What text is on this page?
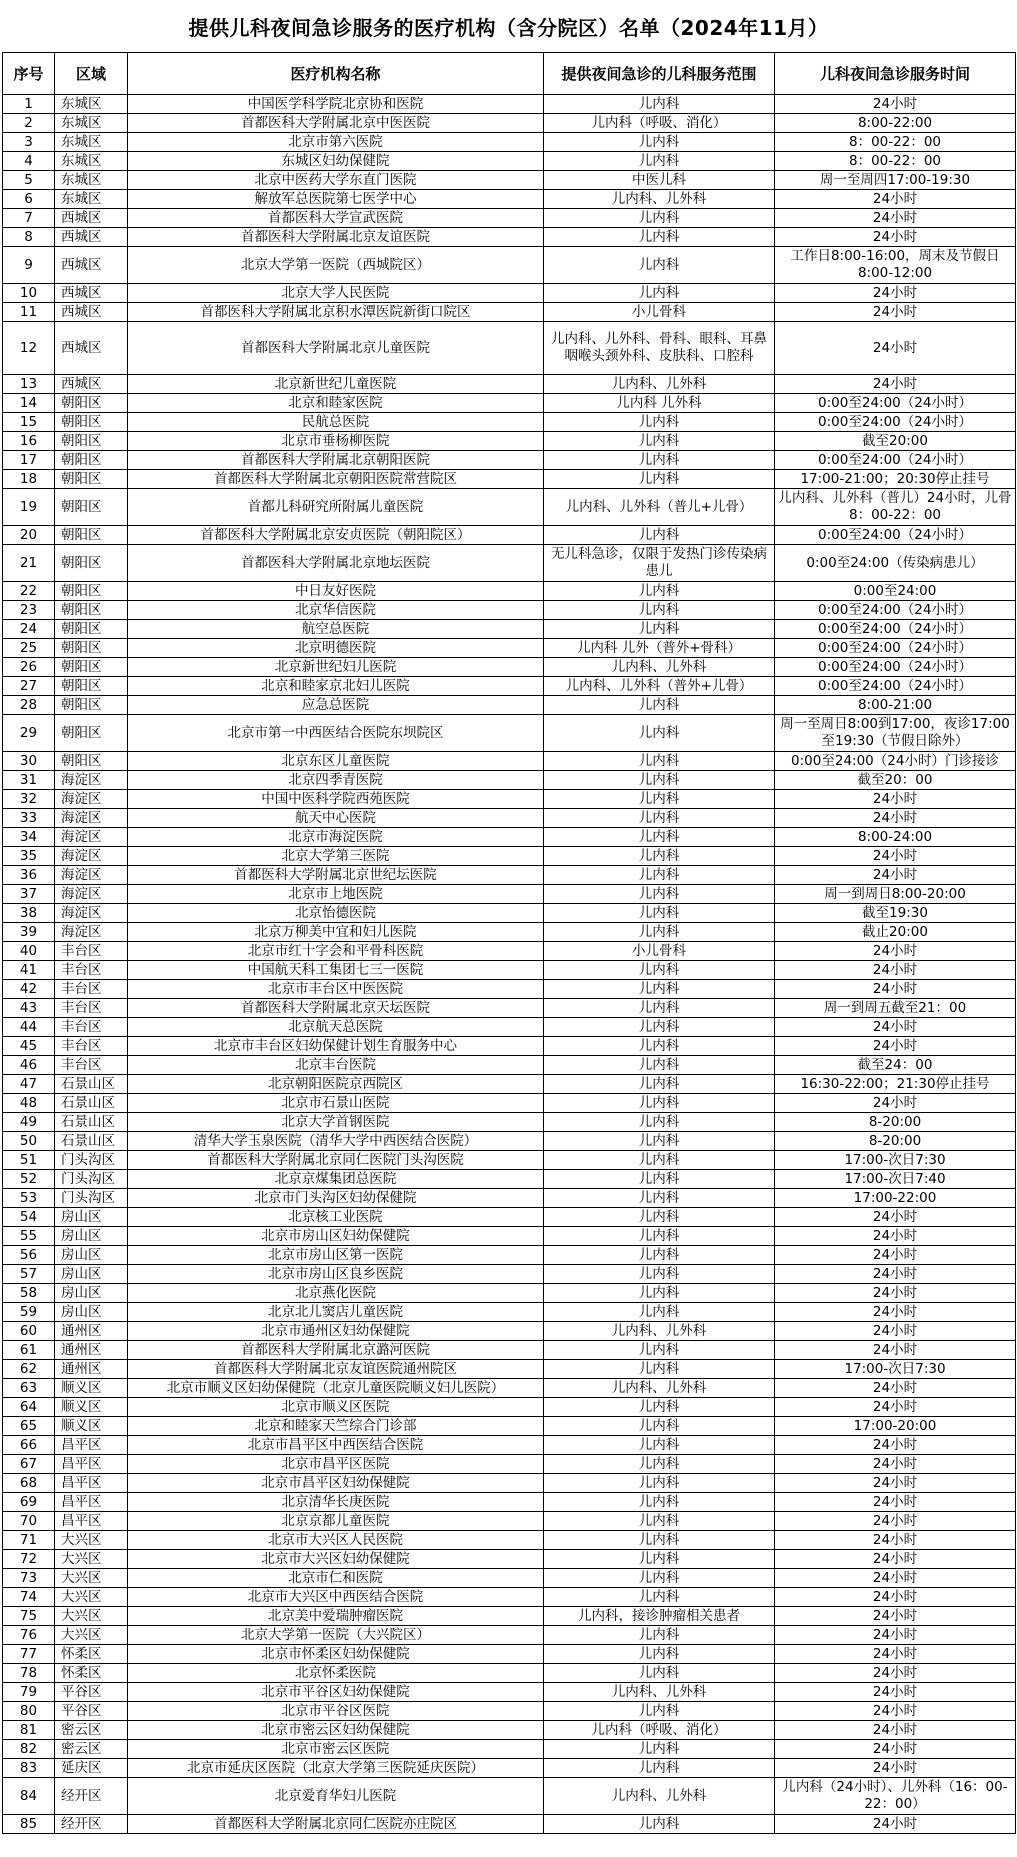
提供儿科夜间急诊服务的医疗机构（含分院区）名单（2024年11月）
序号	区域	医疗机构名称	提供夜间急诊的儿科服务范围	儿科夜间急诊服务时间
1	东城区	中国医学科学院北京协和医院	儿内科	24小时
2	东城区	首都医科大学附属北京中医医院	儿内科（呼吸、消化）	8:00-22:00
3	东城区	北京市第六医院	儿内科	8：00-22：00
4	东城区	东城区妇幼保健院	儿内科	8：00-22：00
5	东城区	北京中医药大学东直门医院	中医儿科	周一至周四17:00-19:30
6	东城区	解放军总医院第七医学中心	儿内科、儿外科	24小时
7	西城区	首都医科大学宣武医院	儿内科	24小时
8	西城区	首都医科大学附属北京友谊医院	儿内科	24小时
9	西城区	北京大学第一医院（西城院区）	儿内科	工作日8:00-16:00，周末及节假日8:00-12:00
10	西城区	北京大学人民医院	儿内科	24小时
11	西城区	首都医科大学附属北京积水潭医院新街口院区	小儿骨科	24小时
12	西城区	首都医科大学附属北京儿童医院	儿内科、儿外科、骨科、眼科、耳鼻咽喉头颈外科、皮肤科、口腔科	24小时
13	西城区	北京新世纪儿童医院	儿内科、儿外科	24小时
14	朝阳区	北京和睦家医院	儿内科 儿外科	0:00至24:00（24小时）
15	朝阳区	民航总医院	儿内科	0:00至24:00（24小时）
16	朝阳区	北京市垂杨柳医院	儿内科	截至20:00
17	朝阳区	首都医科大学附属北京朝阳医院	儿内科	0:00至24:00（24小时）
18	朝阳区	首都医科大学附属北京朝阳医院常营院区	儿内科	17:00-21:00；20:30停止挂号
19	朝阳区	首都儿科研究所附属儿童医院	儿内科、儿外科（普儿+儿骨）	儿内科、儿外科（普儿）24小时，儿骨8：00-22：00
20	朝阳区	首都医科大学附属北京安贞医院（朝阳院区）	儿内科	0:00至24:00（24小时）
21	朝阳区	首都医科大学附属北京地坛医院	无儿科急诊，仅限于发热门诊传染病患儿	0:00至24:00（传染病患儿）
22	朝阳区	中日友好医院	儿内科	0:00至24:00
23	朝阳区	北京华信医院	儿内科	0:00至24:00（24小时）
24	朝阳区	航空总医院	儿内科	0:00至24:00（24小时）
25	朝阳区	北京明德医院	儿内科 儿外（普外+骨科）	0:00至24:00（24小时）
26	朝阳区	北京新世纪妇儿医院	儿内科、儿外科	0:00至24:00（24小时）
27	朝阳区	北京和睦家京北妇儿医院	儿内科、儿外科（普外+儿骨）	0:00至24:00（24小时）
28	朝阳区	应急总医院	儿内科	8:00-21:00
29	朝阳区	北京市第一中西医结合医院东坝院区	儿内科	周一至周日8:00到17:00，夜诊17:00至19:30（节假日除外）
30	朝阳区	北京东区儿童医院	儿内科	0:00至24:00（24小时）门诊接诊
31	海淀区	北京四季青医院	儿内科	截至20：00
32	海淀区	中国中医科学院西苑医院	儿内科	24小时
33	海淀区	航天中心医院	儿内科	24小时
34	海淀区	北京市海淀医院	儿内科	8:00-24:00
35	海淀区	北京大学第三医院	儿内科	24小时
36	海淀区	首都医科大学附属北京世纪坛医院	儿内科	24小时
37	海淀区	北京市上地医院	儿内科	周一到周日8:00-20:00
38	海淀区	北京怡德医院	儿内科	截至19:30
39	海淀区	北京万柳美中宜和妇儿医院	儿内科	截止20:00
40	丰台区	北京市红十字会和平骨科医院	小儿骨科	24小时
41	丰台区	中国航天科工集团七三一医院	儿内科	24小时
42	丰台区	北京市丰台区中医医院	儿内科	24小时
43	丰台区	首都医科大学附属北京天坛医院	儿内科	周一到周五截至21：00
44	丰台区	北京航天总医院	儿内科	24小时
45	丰台区	北京市丰台区妇幼保健计划生育服务中心	儿内科	24小时
46	丰台区	北京丰台医院	儿内科	截至24：00
47	石景山区	北京朝阳医院京西院区	儿内科	16:30-22:00；21:30停止挂号
48	石景山区	北京市石景山医院	儿内科	24小时
49	石景山区	北京大学首钢医院	儿内科	8-20:00
50	石景山区	清华大学玉泉医院（清华大学中西医结合医院）	儿内科	8-20:00
51	门头沟区	首都医科大学附属北京同仁医院门头沟医院	儿内科	17:00-次日7:30
52	门头沟区	北京京煤集团总医院	儿内科	17:00-次日7:40
53	门头沟区	北京市门头沟区妇幼保健院	儿内科	17:00-22:00
54	房山区	北京核工业医院	儿内科	24小时
55	房山区	北京市房山区妇幼保健院	儿内科	24小时
56	房山区	北京市房山区第一医院	儿内科	24小时
57	房山区	北京市房山区良乡医院	儿内科	24小时
58	房山区	北京燕化医院	儿内科	24小时
59	房山区	北京北儿窦店儿童医院	儿内科	24小时
60	通州区	北京市通州区妇幼保健院	儿内科、儿外科	24小时
61	通州区	首都医科大学附属北京潞河医院	儿内科	24小时
62	通州区	首都医科大学附属北京友谊医院通州院区	儿内科	17:00-次日7:30
63	顺义区	北京市顺义区妇幼保健院（北京儿童医院顺义妇儿医院）	儿内科、儿外科	24小时
64	顺义区	北京市顺义区医院	儿内科	24小时
65	顺义区	北京和睦家天竺综合门诊部	儿内科	17:00-20:00
66	昌平区	北京市昌平区中西医结合医院	儿内科	24小时
67	昌平区	北京市昌平区医院	儿内科	24小时
68	昌平区	北京市昌平区妇幼保健院	儿内科	24小时
69	昌平区	北京清华长庚医院	儿内科	24小时
70	昌平区	北京京都儿童医院	儿内科	24小时
71	大兴区	北京市大兴区人民医院	儿内科	24小时
72	大兴区	北京市大兴区妇幼保健院	儿内科	24小时
73	大兴区	北京市仁和医院	儿内科	24小时
74	大兴区	北京市大兴区中西医结合医院	儿内科	24小时
75	大兴区	北京美中爱瑞肿瘤医院	儿内科，接诊肿瘤相关患者	24小时
76	大兴区	北京大学第一医院（大兴院区）	儿内科	24小时
77	怀柔区	北京市怀柔区妇幼保健院	儿内科	24小时
78	怀柔区	北京怀柔医院	儿内科	24小时
79	平谷区	北京市平谷区妇幼保健院	儿内科、儿外科	24小时
80	平谷区	北京市平谷区医院	儿内科	24小时
81	密云区	北京市密云区妇幼保健院	儿内科（呼吸、消化）	24小时
82	密云区	北京市密云区医院	儿内科	24小时
83	延庆区	北京市延庆区医院（北京大学第三医院延庆医院）	儿内科	24小时
84	经开区	北京爱育华妇儿医院	儿内科、儿外科	儿内科（24小时）、儿外科（16：00-22：00）
85	经开区	首都医科大学附属北京同仁医院亦庄院区	儿内科	24小时
